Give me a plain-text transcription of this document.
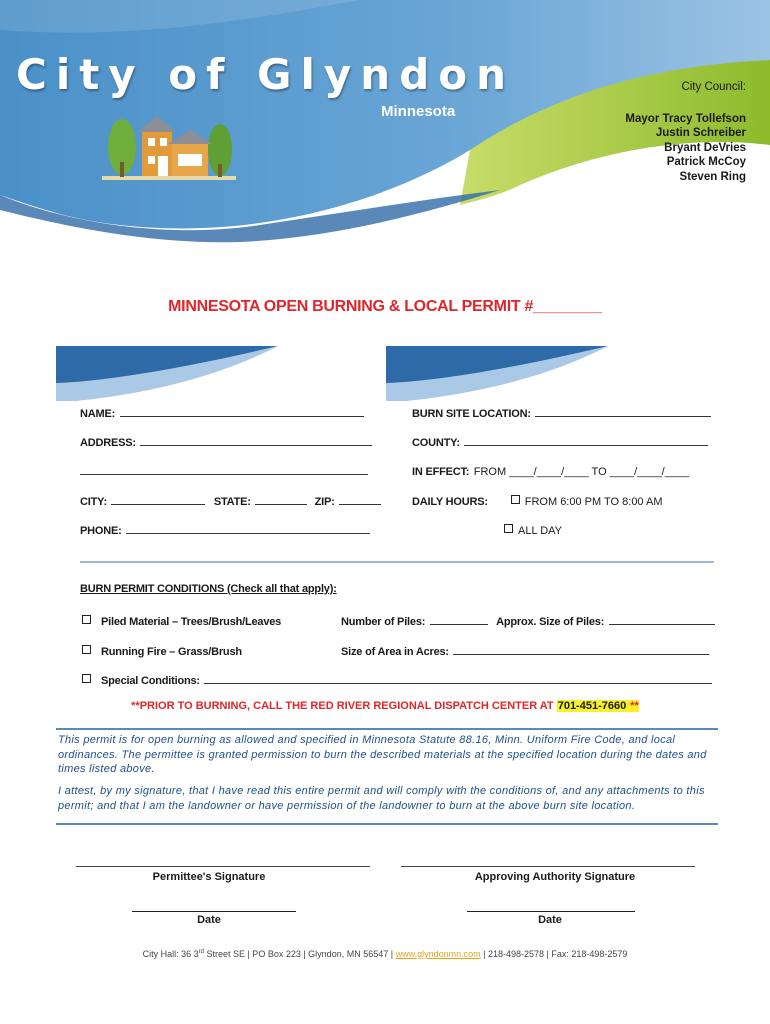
City of Glyndon
Minnesota
City Council:
Mayor Tracy Tollefson
Justin Schreiber
Bryant DeVries
Patrick McCoy
Steven Ring
MINNESOTA OPEN BURNING & LOCAL PERMIT #________
NAME:
ADDRESS:
CITY:	STATE:	ZIP:
PHONE:
BURN SITE LOCATION:
COUNTY:
IN EFFECT: FROM ____/____/____ TO ____/____/____
DAILY HOURS:	FROM 6:00 PM TO 8:00 AM
ALL DAY
BURN PERMIT CONDITIONS (Check all that apply):
Piled Material – Trees/Brush/Leaves	Number of Piles:	Approx. Size of Piles:
Running Fire – Grass/Brush	Size of Area in Acres:
Special Conditions:
**PRIOR TO BURNING, CALL THE RED RIVER REGIONAL DISPATCH CENTER AT 701-451-7660 **
This permit is for open burning as allowed and specified in Minnesota Statute 88.16, Minn. Uniform Fire Code, and local ordinances. The permittee is granted permission to burn the described materials at the specified location during the dates and times listed above.
I attest, by my signature, that I have read this entire permit and will comply with the conditions of, and any attachments to this permit; and that I am the landowner or have permission of the landowner to burn at the above burn site location.
Permittee's Signature	Approving Authority Signature
Date	Date
City Hall: 36 3rd Street SE | PO Box 223 | Glyndon, MN 56547 | www.glyndonmn.com | 218-498-2578 | Fax: 218-498-2579
